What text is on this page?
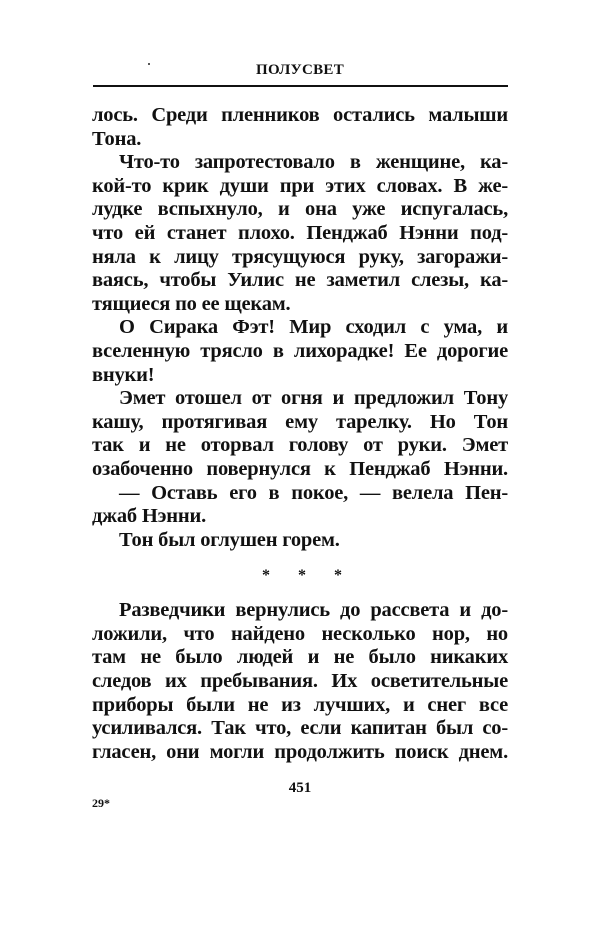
ПОЛУСВЕТ
лось. Среди пленников остались малыши
Тона.
Что-то запротестовало в женщине, ка-
кой-то крик души при этих словах. В же-
лудке вспыхнуло, и она уже испугалась,
что ей станет плохо. Пенджаб Нэнни под-
няла к лицу трясущуюся руку, загоражи-
ваясь, чтобы Уилис не заметил слезы, ка-
тящиеся по ее щекам.
О Сирака Фэт! Мир сходил с ума, и
вселенную трясло в лихорадке! Ее дорогие
внуки!
Эмет отошел от огня и предложил Тону
кашу, протягивая ему тарелку. Но Тон
так и не оторвал голову от руки. Эмет
озабоченно повернулся к Пенджаб Нэнни.
— Оставь его в покое, — велела Пен-
джаб Нэнни.
Тон был оглушен горем.
* * *
Разведчики вернулись до рассвета и до-
ложили, что найдено несколько нор, но
там не было людей и не было никаких
следов их пребывания. Их осветительные
приборы были не из лучших, и снег все
усиливался. Так что, если капитан был со-
гласен, они могли продолжить поиск днем.
451
29*
